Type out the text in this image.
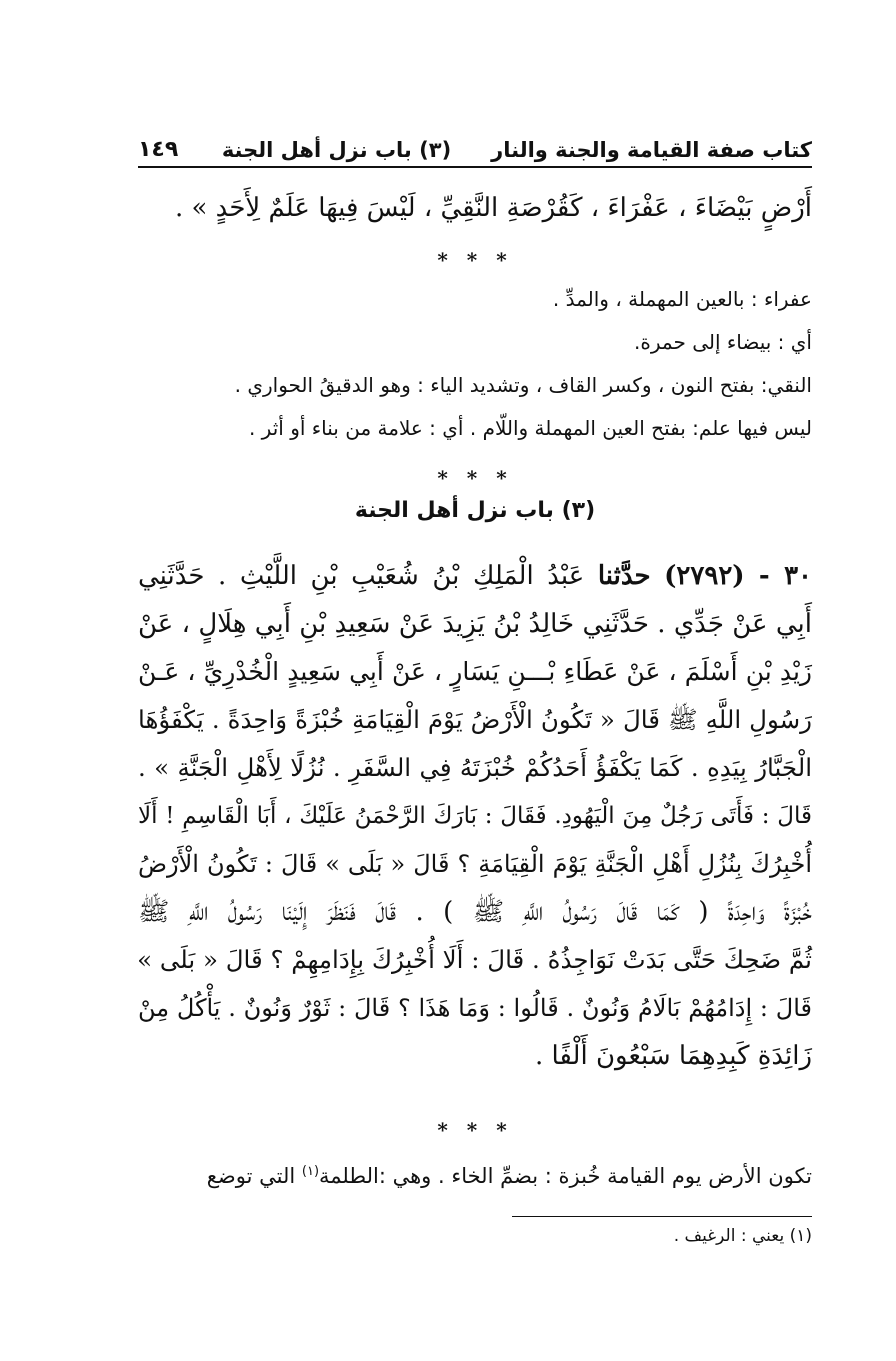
كتاب صفة القيامة والجنة والنار
(٣) باب نزل أهل الجنة
١٤٩
أَرْضٍ بَيْضَاءَ ، عَفْرَاءَ ، كَقُرْصَةِ النَّقِيِّ ، لَيْسَ فِيهَا عَلَمٌ لِأَحَدٍ » .
* * *
عفراء : بالعين المهملة ، والمدِّ .
أي : بيضاء إلى حمرة.
النقي: بفتح النون ، وكسر القاف ، وتشديد الياء : وهو الدقيقُ الحواري .
ليس فيها علم: بفتح العين المهملة واللّام . أي : علامة من بناء أو أثر .
* * *
(٣) باب نزل أهل الجنة
٣٠ - (٢٧٩٢) حدَّثنا عَبْدُ الْمَلِكِ بْنُ شُعَيْبِ بْنِ اللَّيْثِ . حَدَّثَنِي
أَبِي عَنْ جَدِّي . حَدَّثَنِي خَالِدُ بْنُ يَزِيدَ عَنْ سَعِيدِ بْنِ أَبِي هِلَالٍ ، عَنْ
زَيْدِ بْنِ أَسْلَمَ ، عَنْ عَطَاءِ بْـــنِ يَسَارٍ ، عَنْ أَبِي سَعِيدٍ الْخُدْرِيِّ ، عَـنْ
رَسُولِ اللَّهِ ﷺ قَالَ « تَكُونُ الْأَرْضُ يَوْمَ الْقِيَامَةِ خُبْزَةً وَاحِدَةً . يَكْفَؤُهَا
الْجَبَّارُ بِيَدِهِ . كَمَا يَكْفَؤُ أَحَدُكُمْ خُبْزَتَهُ فِي السَّفَرِ . نُزُلًا لِأَهْلِ الْجَنَّةِ » .
قَالَ : فَأَتَى رَجُلٌ مِنَ الْيَهُودِ. فَقَالَ : بَارَكَ الرَّحْمَنُ عَلَيْكَ ، أَبَا الْقَاسِمِ ! أَلَا
أُخْبِرُكَ بِنُزُلِ أَهْلِ الْجَنَّةِ يَوْمَ الْقِيَامَةِ ؟ قَالَ « بَلَى » قَالَ : تَكُونُ الْأَرْضُ
خُبْزَةً وَاحِدَةً ( كَمَا قَالَ رَسُولُ اللَّهِ ﷺ ) . قَالَ فَنَظَرَ إِلَيْنَا رَسُولُ اللَّهِ ﷺ
ثُمَّ ضَحِكَ حَتَّى بَدَتْ نَوَاجِذُهُ . قَالَ : أَلَا أُخْبِرُكَ بِإِدَامِهِمْ ؟ قَالَ « بَلَى »
قَالَ : إِدَامُهُمْ بَالَامُ وَنُونٌ . قَالُوا : وَمَا هَذَا ؟ قَالَ : ثَوْرٌ وَنُونٌ . يَأْكُلُ مِنْ
زَائِدَةِ كَبِدِهِمَا سَبْعُونَ أَلْفًا .
* * *
تكون الأرض يوم القيامة خُبزة : بضمِّ الخاء . وهي :الطلمة$^{(١)}$ التي توضع
(١) يعني : الرغيف .
